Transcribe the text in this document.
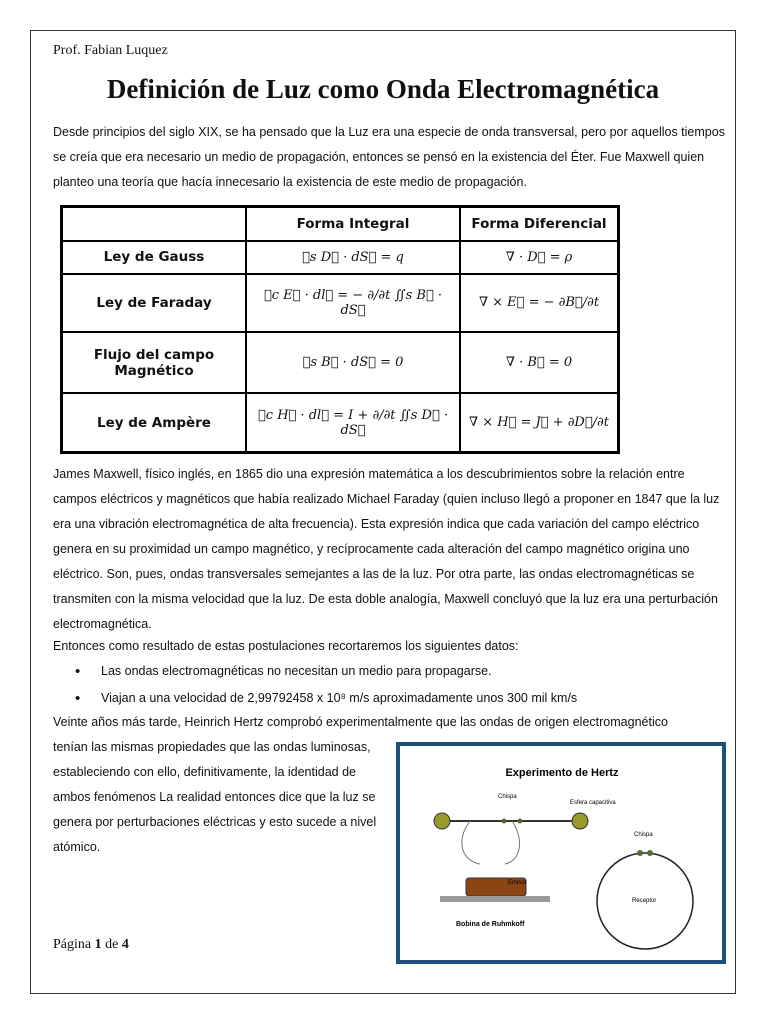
Prof. Fabian Luquez
Definición de Luz como Onda Electromagnética
Desde principios del siglo XIX, se ha pensado que la Luz era una especie de onda transversal, pero por aquellos tiempos se creía que era necesario un medio de propagación, entonces se pensó en la existencia del Éter. Fue Maxwell quien planteo una teoría que hacía innecesario la existencia de este medio de propagación.
	Forma Integral	Forma Diferencial
Ley de Gauss	∯s D⃗ · dS⃗ = q	∇ · D⃗ = ρ
Ley de Faraday	∮c E⃗ · dl⃗ = − ∂/∂t ∬s B⃗ · dS⃗	∇ × E⃗ = − ∂B⃗/∂t
Flujo del campo Magnético	∯s B⃗ · dS⃗ = 0	∇ · B⃗ = 0
Ley de Ampère	∮c H⃗ · dl⃗ = I + ∂/∂t ∬s D⃗ · dS⃗	∇ × H⃗ = J⃗ + ∂D⃗/∂t
James Maxwell, físico inglés, en 1865 dio una expresión matemática a los descubrimientos sobre la relación entre campos eléctricos y magnéticos que había realizado Michael Faraday (quien incluso llegó a proponer en 1847 que la luz era una vibración electromagnética de alta frecuencia). Esta expresión indica que cada variación del campo eléctrico genera en su proximidad un campo magnético, y recíprocamente cada alteración del campo magnético origina uno eléctrico. Son, pues, ondas transversales semejantes a las de la luz. Por otra parte, las ondas electromagnéticas se transmiten con la misma velocidad que la luz. De esta doble analogía, Maxwell concluyó que la luz era una perturbación electromagnética.
Entonces como resultado de estas postulaciones recortaremos los siguientes datos:
• Las ondas electromagnéticas no necesitan un medio para propagarse.
• Viajan a una velocidad de 2,99792458 x 10⁸ m/s aproximadamente unos 300 mil km/s
Veinte años más tarde, Heinrich Hertz comprobó experimentalmente que las ondas de origen electromagnético
tenían las mismas propiedades que las ondas luminosas, estableciendo con ello, definitivamente, la identidad de ambos fenómenos La realidad entonces dice que la luz se genera por perturbaciones eléctricas y esto sucede a nivel atómico.
Experimento de Hertz
Chispa
Esfera capacitiva
Emisor
Bobina de Ruhmkoff
Chispa
Receptor
Página 1 de 4
